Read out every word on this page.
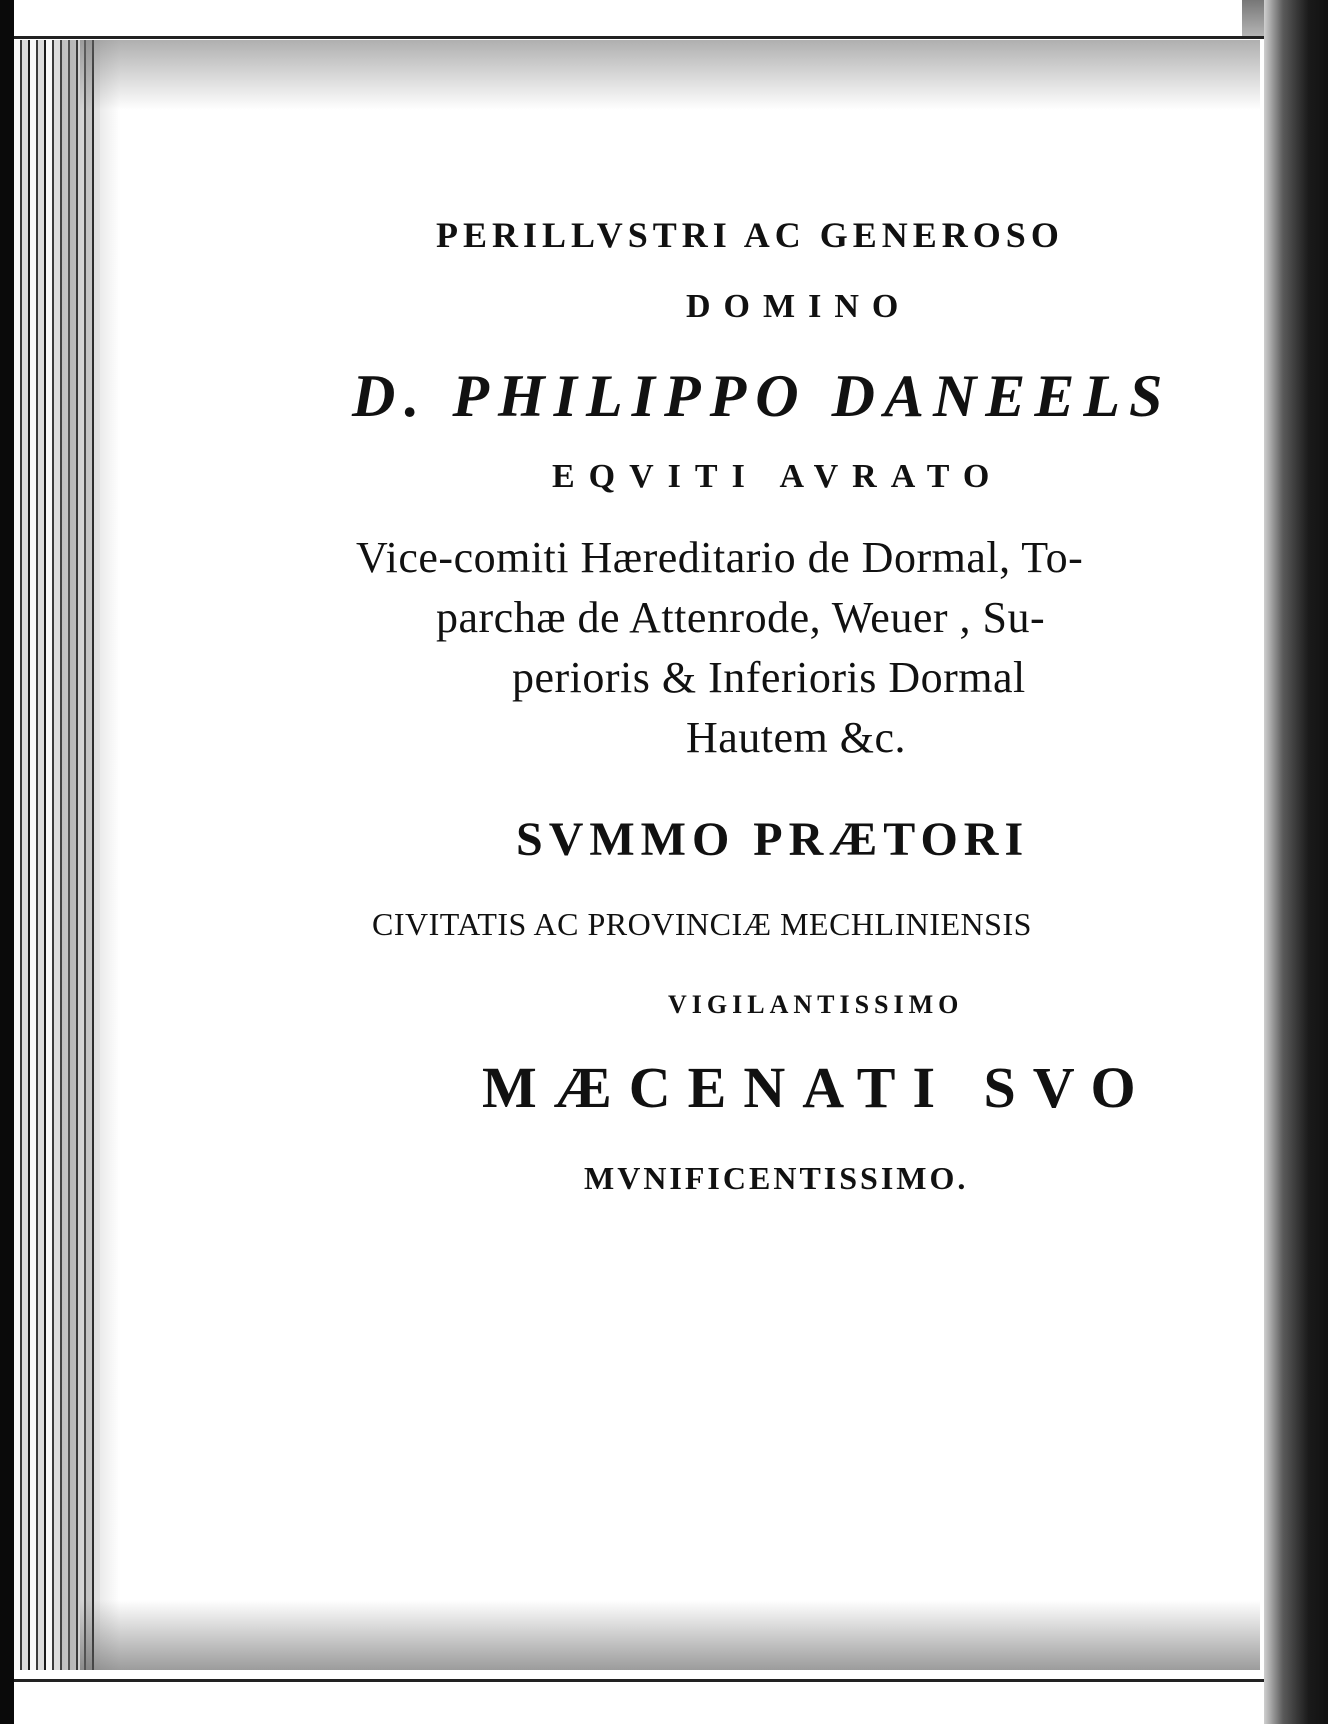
PERILLVSTRI AC GENEROSO
DOMINO
D. PHILIPPO DANEELS
EQVITI AVRATO
Vice-comiti Hæreditario de Dormal, To-
parchæ de Attenrode, Weuer , Su-
perioris & Inferioris Dormal
Hautem &c.
SVMMO PRÆTORI
CIVITATIS AC PROVINCIÆ MECHLINIENSIS
VIGILANTISSIMO
MÆCENATI SVO
MVNIFICENTISSIMO.
